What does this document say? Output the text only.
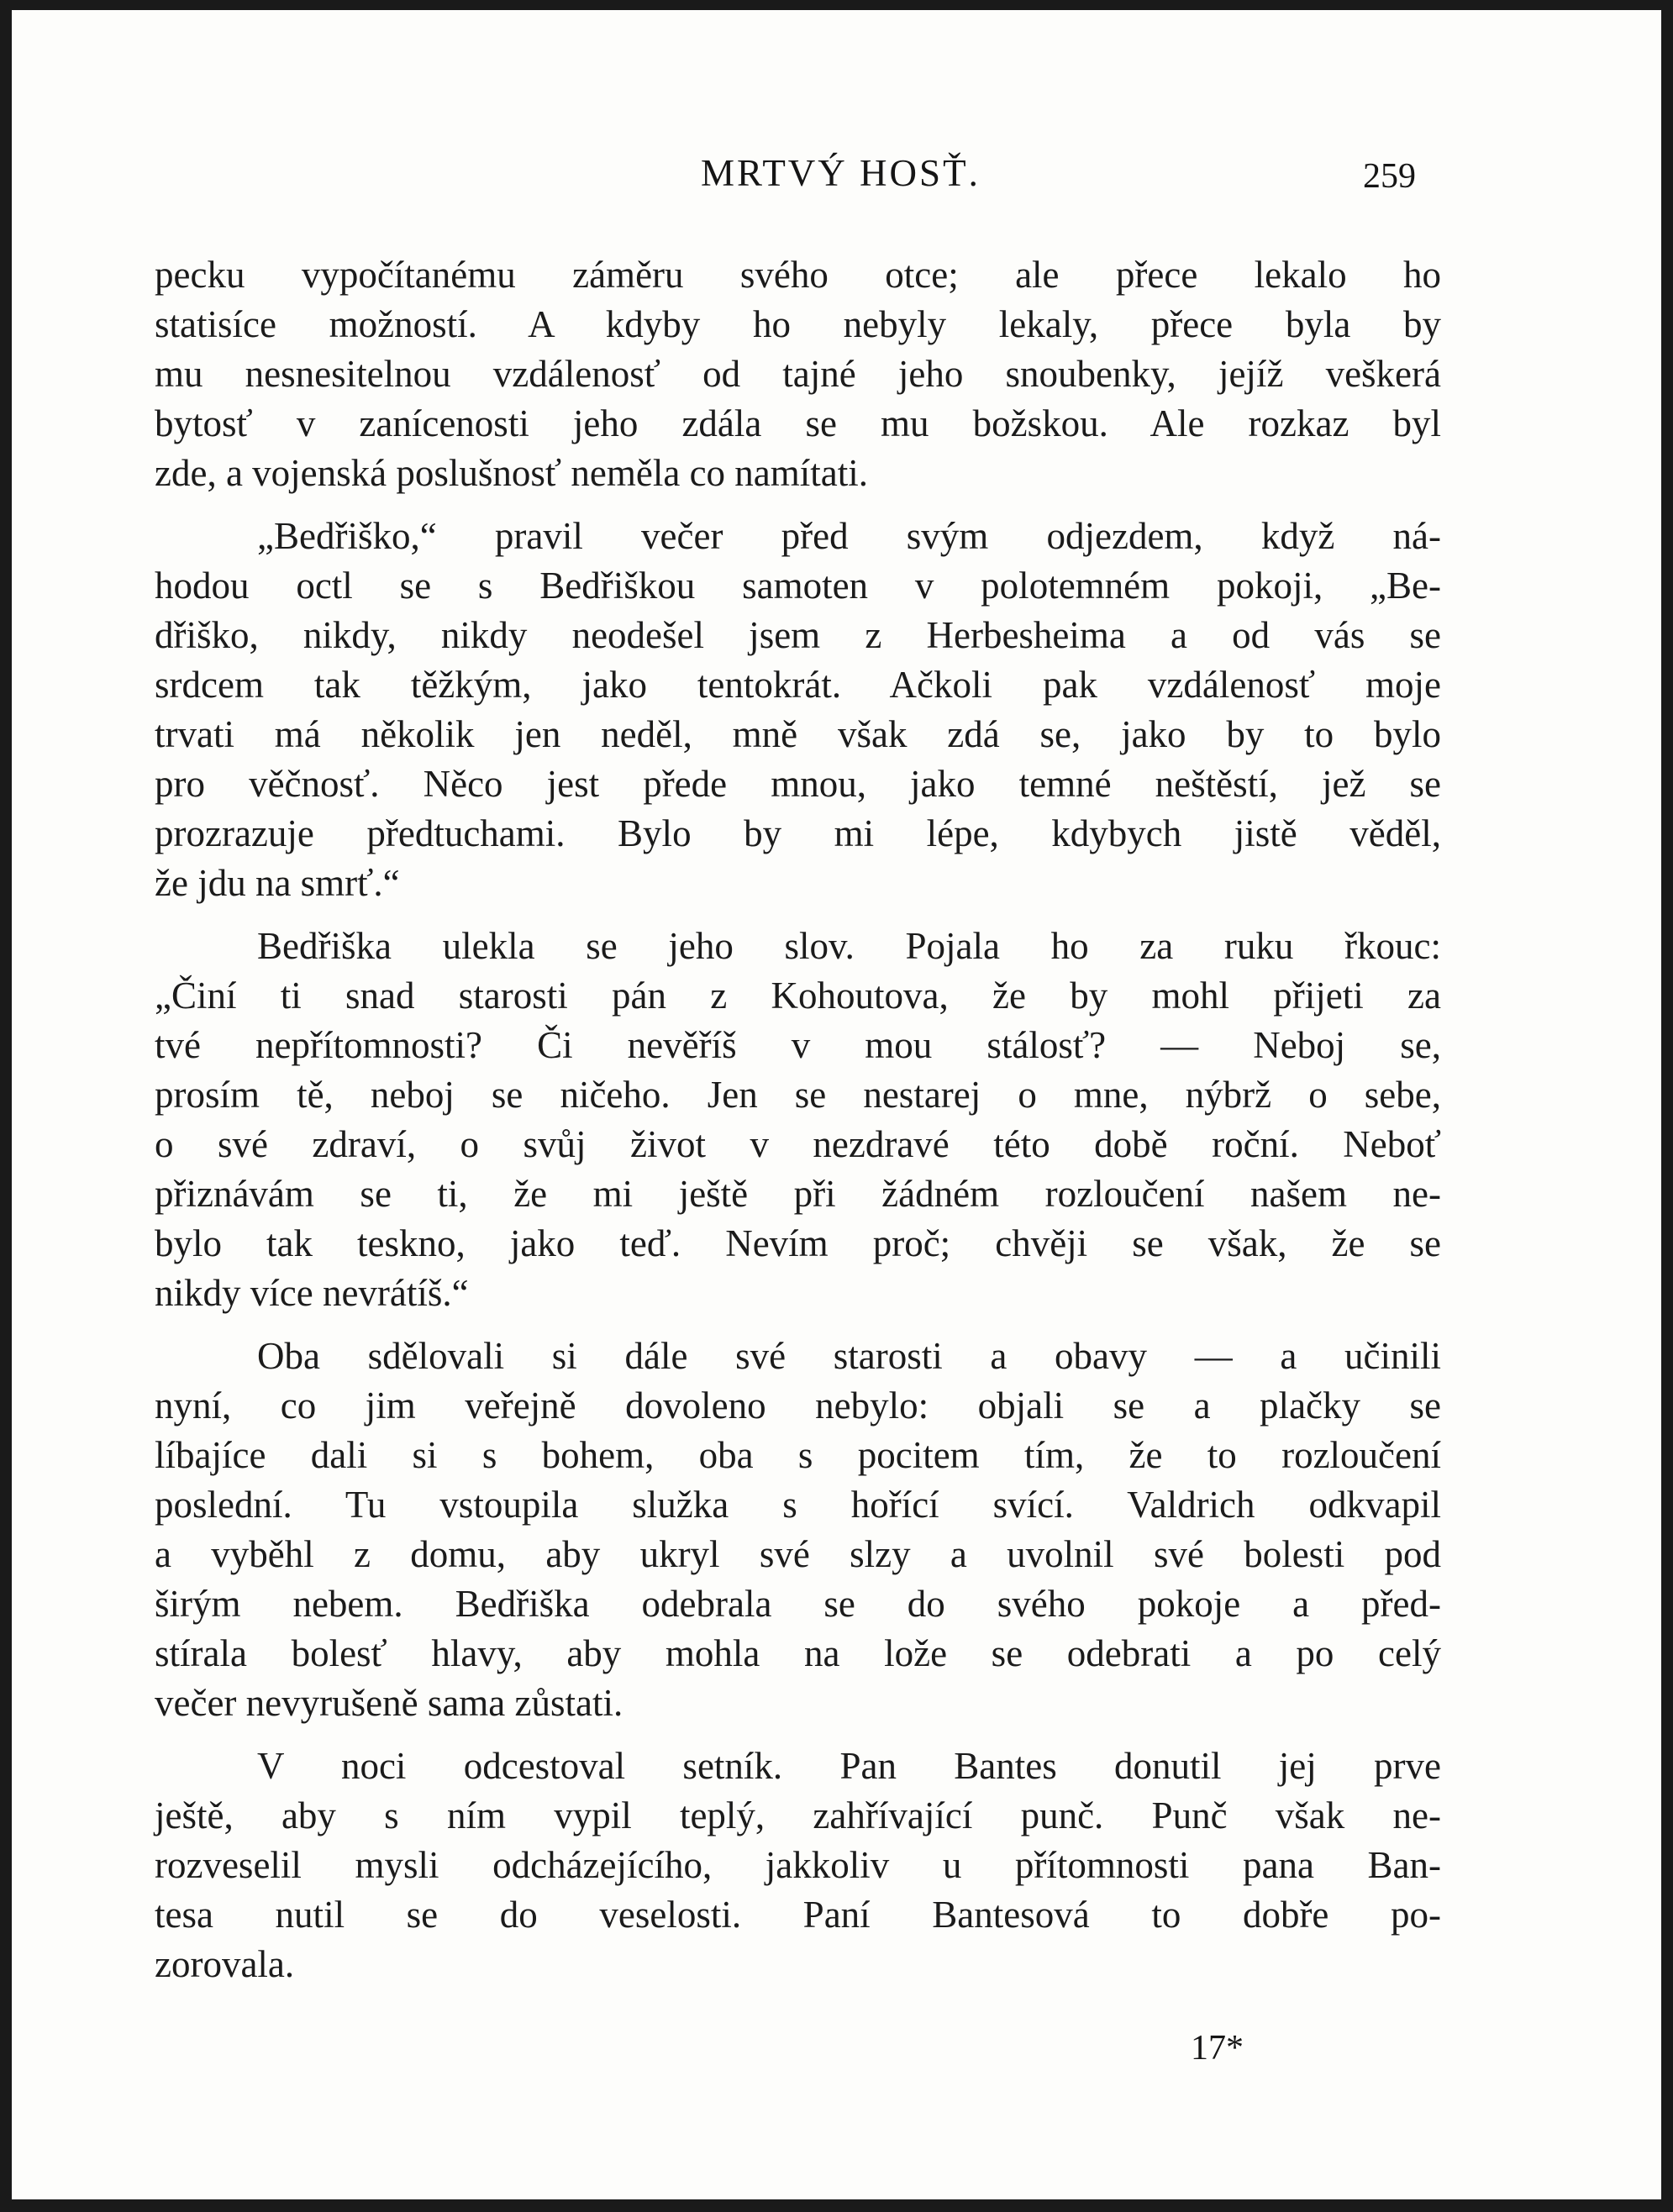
MRTVÝ HOSŤ.	259
pecku vypočítanému záměru svého otce; ale přece lekalo ho
statisíce možností. A kdyby ho nebyly lekaly, přece byla by
mu nesnesitelnou vzdálenosť od tajné jeho snoubenky, jejíž veškerá
bytosť v zanícenosti jeho zdála se mu božskou. Ale rozkaz byl
zde, a vojenská poslušnosť neměla co namítati.
„Bedřiško,“ pravil večer před svým odjezdem, když ná-
hodou octl se s Bedřiškou samoten v polotemném pokoji, „Be-
dřiško, nikdy, nikdy neodešel jsem z Herbesheima a od vás se
srdcem tak těžkým, jako tentokrát. Ačkoli pak vzdálenosť moje
trvati má několik jen neděl, mně však zdá se, jako by to bylo
pro věčnosť. Něco jest přede mnou, jako temné neštěstí, jež se
prozrazuje předtuchami. Bylo by mi lépe, kdybych jistě věděl,
že jdu na smrť.“
Bedřiška ulekla se jeho slov. Pojala ho za ruku řkouc:
„Činí ti snad starosti pán z Kohoutova, že by mohl přijeti za
tvé nepřítomnosti? Či nevěříš v mou stálosť? — Neboj se,
prosím tě, neboj se ničeho. Jen se nestarej o mne, nýbrž o sebe,
o své zdraví, o svůj život v nezdravé této době roční. Neboť
přiznávám se ti, že mi ještě při žádném rozloučení našem ne-
bylo tak teskno, jako teď. Nevím proč; chvěji se však, že se
nikdy více nevrátíš.“
Oba sdělovali si dále své starosti a obavy — a učinili
nyní, co jim veřejně dovoleno nebylo: objali se a plačky se
líbajíce dali si s bohem, oba s pocitem tím, že to rozloučení
poslední. Tu vstoupila služka s hořící svící. Valdrich odkvapil
a vyběhl z domu, aby ukryl své slzy a uvolnil své bolesti pod
širým nebem. Bedřiška odebrala se do svého pokoje a před-
stírala bolesť hlavy, aby mohla na lože se odebrati a po celý
večer nevyrušeně sama zůstati.
V noci odcestoval setník. Pan Bantes donutil jej prve
ještě, aby s ním vypil teplý, zahřívající punč. Punč však ne-
rozveselil mysli odcházejícího, jakkoliv u přítomnosti pana Ban-
tesa nutil se do veselosti. Paní Bantesová to dobře po-
zorovala.
17*
